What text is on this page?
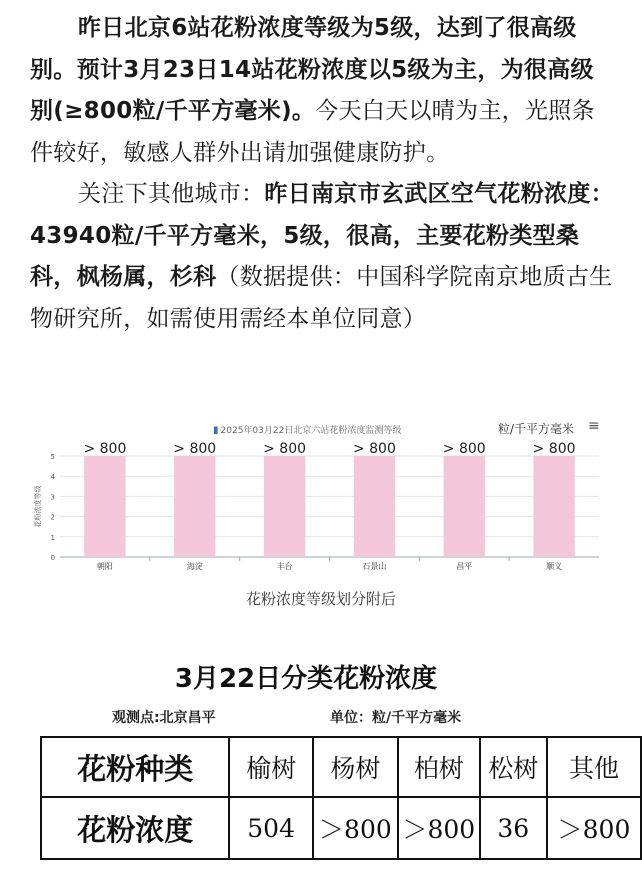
昨日北京6站花粉浓度等级为5级，达到了很高级别。预计3月23日14站花粉浓度以5级为主，为很高级别(≥800粒/千平方毫米)。今天白天以晴为主，光照条件较好，敏感人群外出请加强健康防护。

关注下其他城市：昨日南京市玄武区空气花粉浓度：43940粒/千平方毫米，5级，很高，主要花粉类型桑科，枫杨属，杉科（数据提供：中国科学院南京地质古生物研究所，如需使用需经本单位同意）

0
1
2
3
4
5
花粉浓度等级
> 800
朝阳
> 800
海淀
> 800
丰台
> 800
石景山
> 800
昌平
> 800
顺义
▮ 2025年03月22日北京六站花粉浓度监测等级	粒/千平方毫米 ≡
花粉浓度等级划分附后
3月22日分类花粉浓度
观测点:北京昌平	单位：粒/千平方毫米
花粉种类	榆树	杨树	柏树	松树	其他
花粉浓度	504	＞800	＞800	36	＞800
